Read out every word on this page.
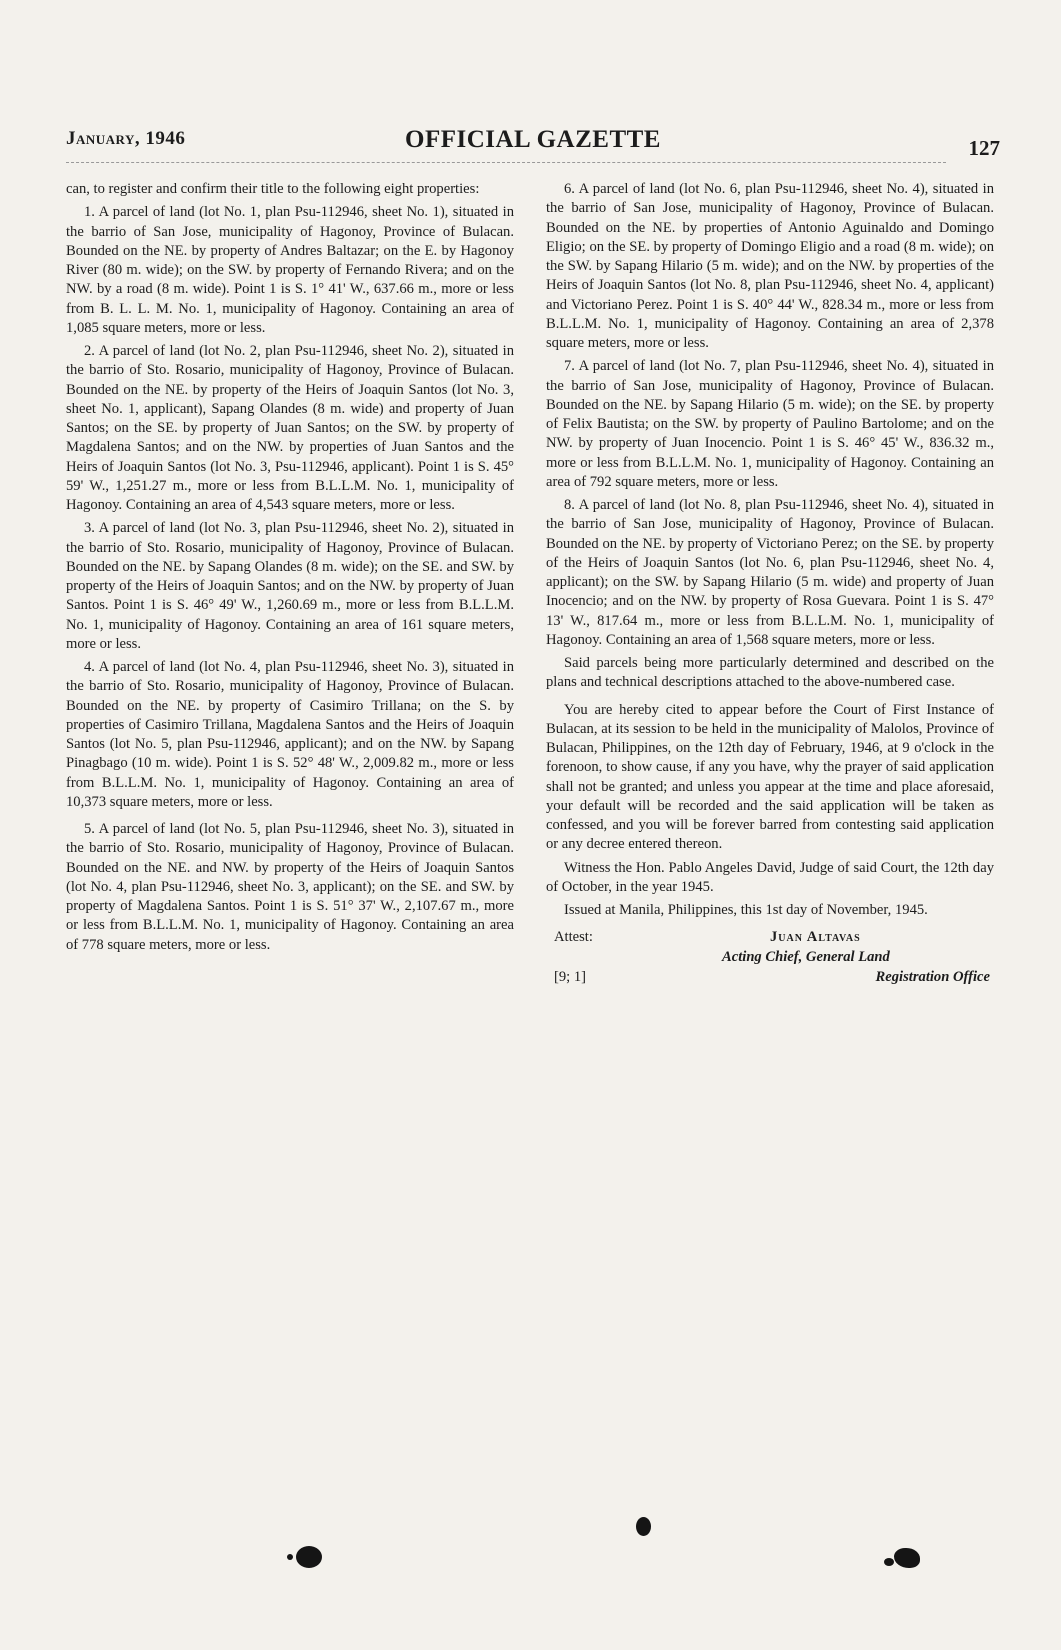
January, 1946	OFFICIAL GAZETTE	127

can, to register and confirm their title to the following eight properties:

1. A parcel of land (lot No. 1, plan Psu-112946, sheet No. 1), situated in the barrio of San Jose, municipality of Hagonoy, Province of Bulacan. Bounded on the NE. by property of Andres Baltazar; on the E. by Hagonoy River (80 m. wide); on the SW. by property of Fernando Rivera; and on the NW. by a road (8 m. wide). Point 1 is S. 1° 41' W., 637.66 m., more or less from B. L. L. M. No. 1, municipality of Hagonoy. Containing an area of 1,085 square meters, more or less.

2. A parcel of land (lot No. 2, plan Psu-112946, sheet No. 2), situated in the barrio of Sto. Rosario, municipality of Hagonoy, Province of Bulacan. Bounded on the NE. by property of the Heirs of Joaquin Santos (lot No. 3, sheet No. 1, applicant), Sapang Olandes (8 m. wide) and property of Juan Santos; on the SE. by property of Juan Santos; on the SW. by property of Magdalena Santos; and on the NW. by properties of Juan Santos and the Heirs of Joaquin Santos (lot No. 3, Psu-112946, applicant). Point 1 is S. 45° 59' W., 1,251.27 m., more or less from B.L.L.M. No. 1, municipality of Hagonoy. Containing an area of 4,543 square meters, more or less.

3. A parcel of land (lot No. 3, plan Psu-112946, sheet No. 2), situated in the barrio of Sto. Rosario, municipality of Hagonoy, Province of Bulacan. Bounded on the NE. by Sapang Olandes (8 m. wide); on the SE. and SW. by property of the Heirs of Joaquin Santos; and on the NW. by property of Juan Santos. Point 1 is S. 46° 49' W., 1,260.69 m., more or less from B.L.L.M. No. 1, municipality of Hagonoy. Containing an area of 161 square meters, more or less.

4. A parcel of land (lot No. 4, plan Psu-112946, sheet No. 3), situated in the barrio of Sto. Rosario, municipality of Hagonoy, Province of Bulacan. Bounded on the NE. by property of Casimiro Trillana; on the S. by properties of Casimiro Trillana, Magdalena Santos and the Heirs of Joaquin Santos (lot No. 5, plan Psu-112946, applicant); and on the NW. by Sapang Pinagbago (10 m. wide). Point 1 is S. 52° 48' W., 2,009.82 m., more or less from B.L.L.M. No. 1, municipality of Hagonoy. Containing an area of 10,373 square meters, more or less.

5. A parcel of land (lot No. 5, plan Psu-112946, sheet No. 3), situated in the barrio of Sto. Rosario, municipality of Hagonoy, Province of Bulacan. Bounded on the NE. and NW. by property of the Heirs of Joaquin Santos (lot No. 4, plan Psu-112946, sheet No. 3, applicant); on the SE. and SW. by property of Magdalena Santos. Point 1 is S. 51° 37' W., 2,107.67 m., more or less from B.L.L.M. No. 1, municipality of Hagonoy. Containing an area of 778 square meters, more or less.

6. A parcel of land (lot No. 6, plan Psu-112946, sheet No. 4), situated in the barrio of San Jose, municipality of Hagonoy, Province of Bulacan. Bounded on the NE. by properties of Antonio Aguinaldo and Domingo Eligio; on the SE. by property of Domingo Eligio and a road (8 m. wide); on the SW. by Sapang Hilario (5 m. wide); and on the NW. by properties of the Heirs of Joaquin Santos (lot No. 8, plan Psu-112946, sheet No. 4, applicant) and Victoriano Perez. Point 1 is S. 40° 44' W., 828.34 m., more or less from B.L.L.M. No. 1, municipality of Hagonoy. Containing an area of 2,378 square meters, more or less.

7. A parcel of land (lot No. 7, plan Psu-112946, sheet No. 4), situated in the barrio of San Jose, municipality of Hagonoy, Province of Bulacan. Bounded on the NE. by Sapang Hilario (5 m. wide); on the SE. by property of Felix Bautista; on the SW. by property of Paulino Bartolome; and on the NW. by property of Juan Inocencio. Point 1 is S. 46° 45' W., 836.32 m., more or less from B.L.L.M. No. 1, municipality of Hagonoy. Containing an area of 792 square meters, more or less.

8. A parcel of land (lot No. 8, plan Psu-112946, sheet No. 4), situated in the barrio of San Jose, municipality of Hagonoy, Province of Bulacan. Bounded on the NE. by property of Victoriano Perez; on the SE. by property of the Heirs of Joaquin Santos (lot No. 6, plan Psu-112946, sheet No. 4, applicant); on the SW. by Sapang Hilario (5 m. wide) and property of Juan Inocencio; and on the NW. by property of Rosa Guevara. Point 1 is S. 47° 13' W., 817.64 m., more or less from B.L.L.M. No. 1, municipality of Hagonoy. Containing an area of 1,568 square meters, more or less.

Said parcels being more particularly determined and described on the plans and technical descriptions attached to the above-numbered case.

You are hereby cited to appear before the Court of First Instance of Bulacan, at its session to be held in the municipality of Malolos, Province of Bulacan, Philippines, on the 12th day of February, 1946, at 9 o'clock in the forenoon, to show cause, if any you have, why the prayer of said application shall not be granted; and unless you appear at the time and place aforesaid, your default will be recorded and the said application will be taken as confessed, and you will be forever barred from contesting said application or any decree entered thereon.

Witness the Hon. Pablo Angeles David, Judge of said Court, the 12th day of October, in the year 1945.

Issued at Manila, Philippines, this 1st day of November, 1945.

Attest:	Juan Altavas
Acting Chief, General Land
[9; 1]	Registration Office
